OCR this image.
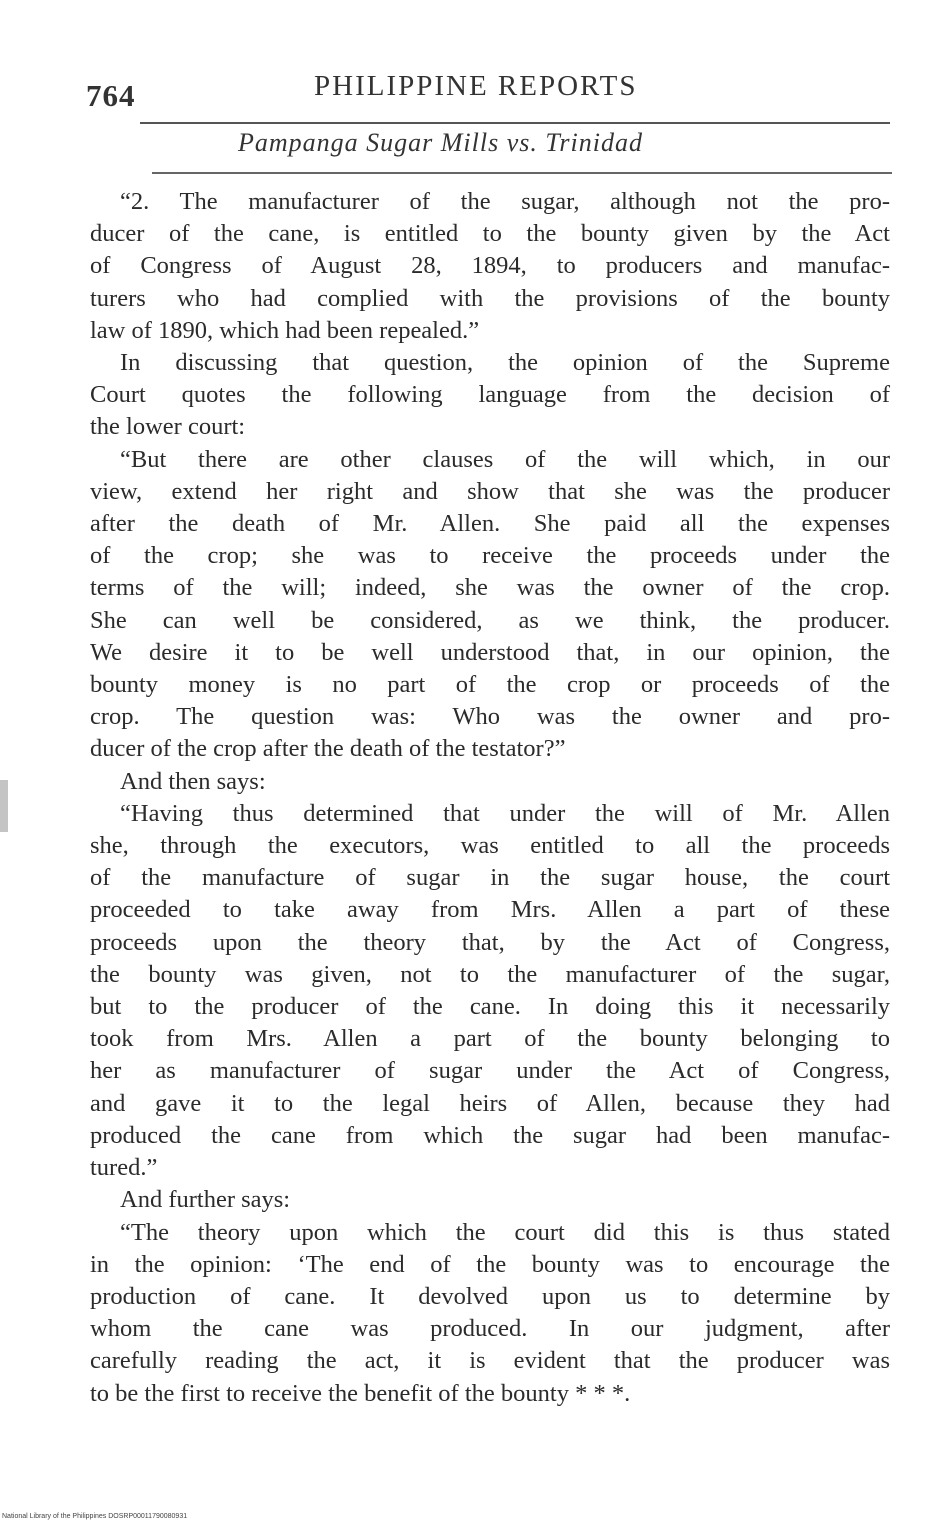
764	PHILIPPINE REPORTS
Pampanga Sugar Mills vs. Trinidad
“2. The manufacturer of the sugar, although not the pro-
ducer of the cane, is entitled to the bounty given by the Act
of Congress of August 28, 1894, to producers and manufac-
turers who had complied with the provisions of the bounty
law of 1890, which had been repealed.”
In discussing that question, the opinion of the Supreme
Court quotes the following language from the decision of
the lower court:
“But there are other clauses of the will which, in our
view, extend her right and show that she was the producer
after the death of Mr. Allen. She paid all the expenses
of the crop; she was to receive the proceeds under the
terms of the will; indeed, she was the owner of the crop.
She can well be considered, as we think, the producer.
We desire it to be well understood that, in our opinion, the
bounty money is no part of the crop or proceeds of the
crop. The question was: Who was the owner and pro-
ducer of the crop after the death of the testator?”
And then says:
“Having thus determined that under the will of Mr. Allen
she, through the executors, was entitled to all the proceeds
of the manufacture of sugar in the sugar house, the court
proceeded to take away from Mrs. Allen a part of these
proceeds upon the theory that, by the Act of Congress,
the bounty was given, not to the manufacturer of the sugar,
but to the producer of the cane. In doing this it necessarily
took from Mrs. Allen a part of the bounty belonging to
her as manufacturer of sugar under the Act of Congress,
and gave it to the legal heirs of Allen, because they had
produced the cane from which the sugar had been manufac-
tured.”
And further says:
“The theory upon which the court did this is thus stated
in the opinion: ‘The end of the bounty was to encourage the
production of cane. It devolved upon us to determine by
whom the cane was produced. In our judgment, after
carefully reading the act, it is evident that the producer was
to be the first to receive the benefit of the bounty * * *.
National Library of the Philippines DOSRP00011790080931
